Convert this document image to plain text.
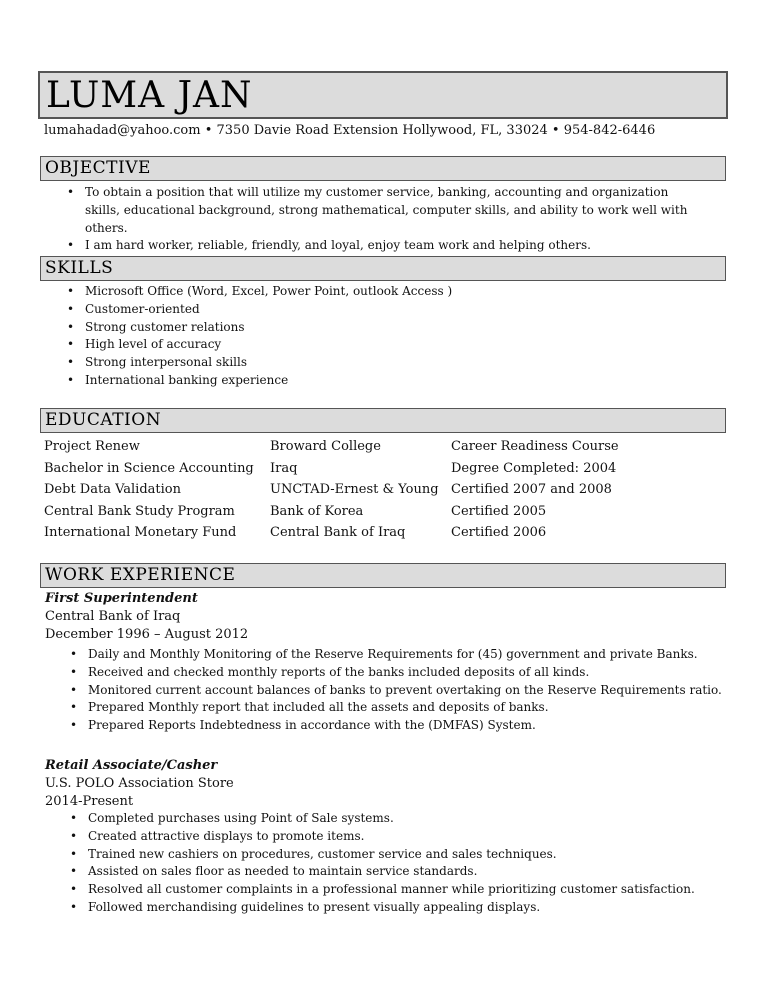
LUMA JAN
lumahadad@yahoo.com • 7350 Davie Road Extension Hollywood, FL, 33024 • 954-842-6446
OBJECTIVE
• To obtain a position that will utilize my customer service, banking, accounting and organization skills, educational background, strong mathematical, computer skills, and ability to work well with others.
• I am hard worker, reliable, friendly, and loyal, enjoy team work and helping others.
SKILLS
• Microsoft Office (Word, Excel, Power Point, outlook Access )
• Customer-oriented
• Strong customer relations
• High level of accuracy
• Strong interpersonal skills
• International banking experience
EDUCATION
Project Renew	Broward College	Career Readiness Course
Bachelor in Science Accounting	Iraq	Degree Completed: 2004
Debt Data Validation	UNCTAD-Ernest & Young	Certified 2007 and 2008
Central Bank Study Program	Bank of Korea	Certified 2005
International Monetary Fund	Central Bank of Iraq	Certified 2006
WORK EXPERIENCE
First Superintendent
Central Bank of Iraq
December 1996 – August 2012
• Daily and Monthly Monitoring of the Reserve Requirements for (45) government and private Banks.
• Received and checked monthly reports of the banks included deposits of all kinds.
• Monitored current account balances of banks to prevent overtaking on the Reserve Requirements ratio.
• Prepared Monthly report that included all the assets and deposits of banks.
• Prepared Reports Indebtedness in accordance with the (DMFAS) System.
Retail Associate/Casher
U.S. POLO Association Store
2014-Present
• Completed purchases using Point of Sale systems.
• Created attractive displays to promote items.
• Trained new cashiers on procedures, customer service and sales techniques.
• Assisted on sales floor as needed to maintain service standards.
• Resolved all customer complaints in a professional manner while prioritizing customer satisfaction.
• Followed merchandising guidelines to present visually appealing displays.
